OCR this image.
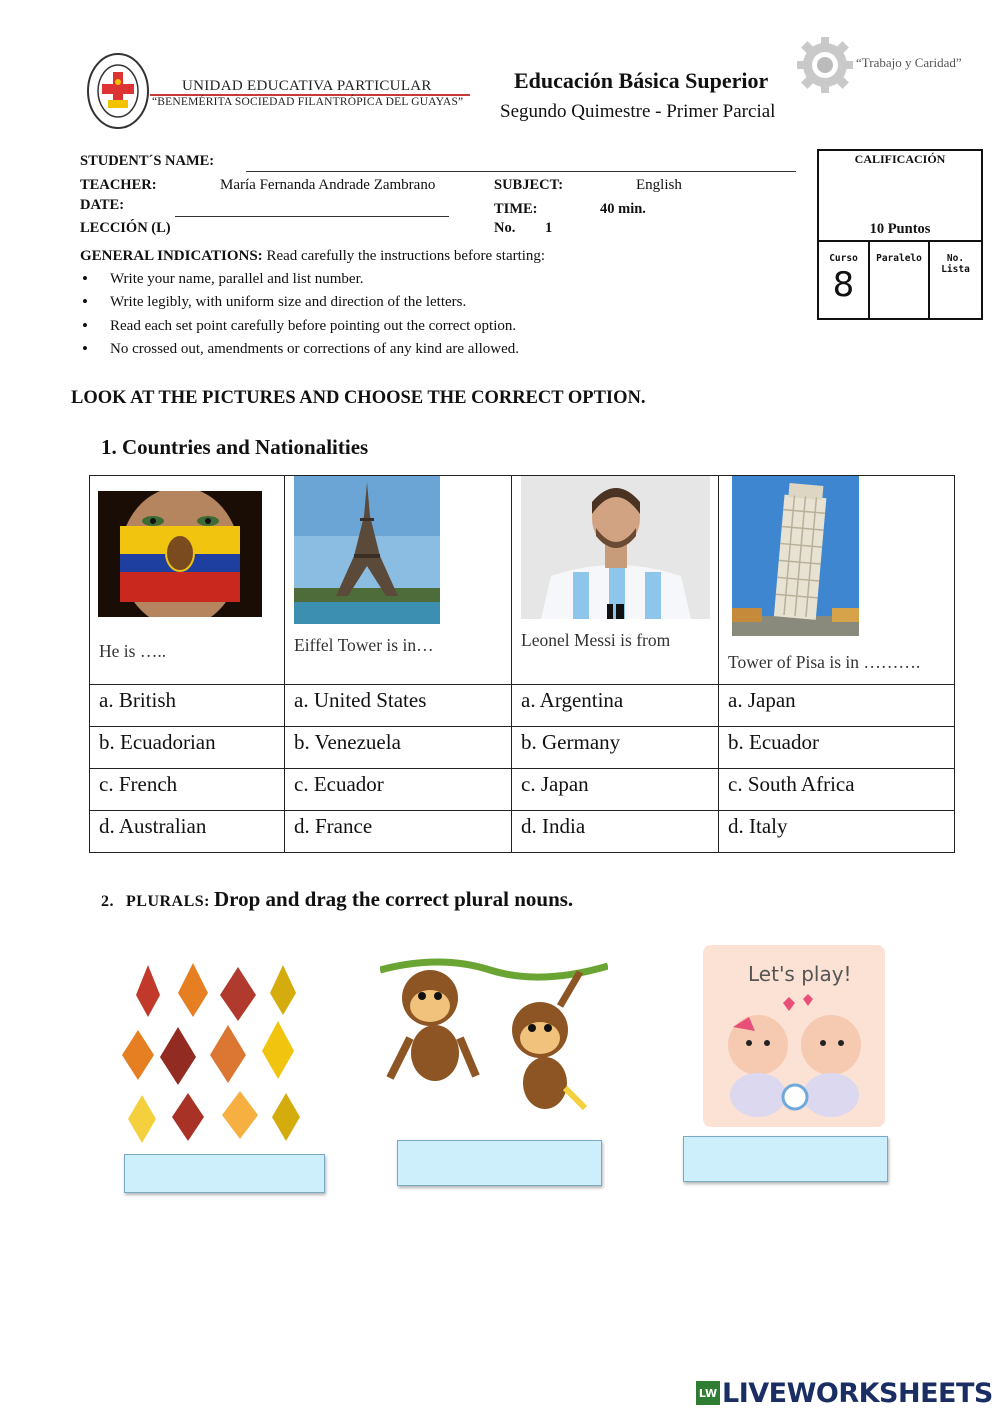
UNIDAD EDUCATIVA PARTICULAR
“BENEMÉRITA SOCIEDAD FILANTRÓPICA DEL GUAYAS”
Educación Básica Superior
Segundo Quimestre - Primer Parcial
“Trabajo y Caridad”
STUDENT´S NAME:
TEACHER:	María Fernanda Andrade Zambrano	SUBJECT:	English
DATE:	TIME:	40 min.
LECCIÓN (L)	No. 1
CALIFICACIÓN
10 Puntos
Curso
8
Paralelo	No. Lista
GENERAL INDICATIONS: Read carefully the instructions before starting:
• Write your name, parallel and list number.
• Write legibly, with uniform size and direction of the letters.
• Read each set point carefully before pointing out the correct option.
• No crossed out, amendments or corrections of any kind are allowed.
LOOK AT THE PICTURES AND CHOOSE THE CORRECT OPTION.
1. Countries and Nationalities
He is …..	Eiffel Tower is in…	Leonel Messi is from	Tower of Pisa is in ……….

a. British	a. United States	a. Argentina	a. Japan
b. Ecuadorian	b. Venezuela	b. Germany	b. Ecuador
c. French	c. Ecuador	c. Japan	c. South Africa
d. Australian	d. France	d. India	d. Italy
2. PLURALS: Drop and drag the correct plural nouns.
Let's play!
LW LIVEWORKSHEETS
